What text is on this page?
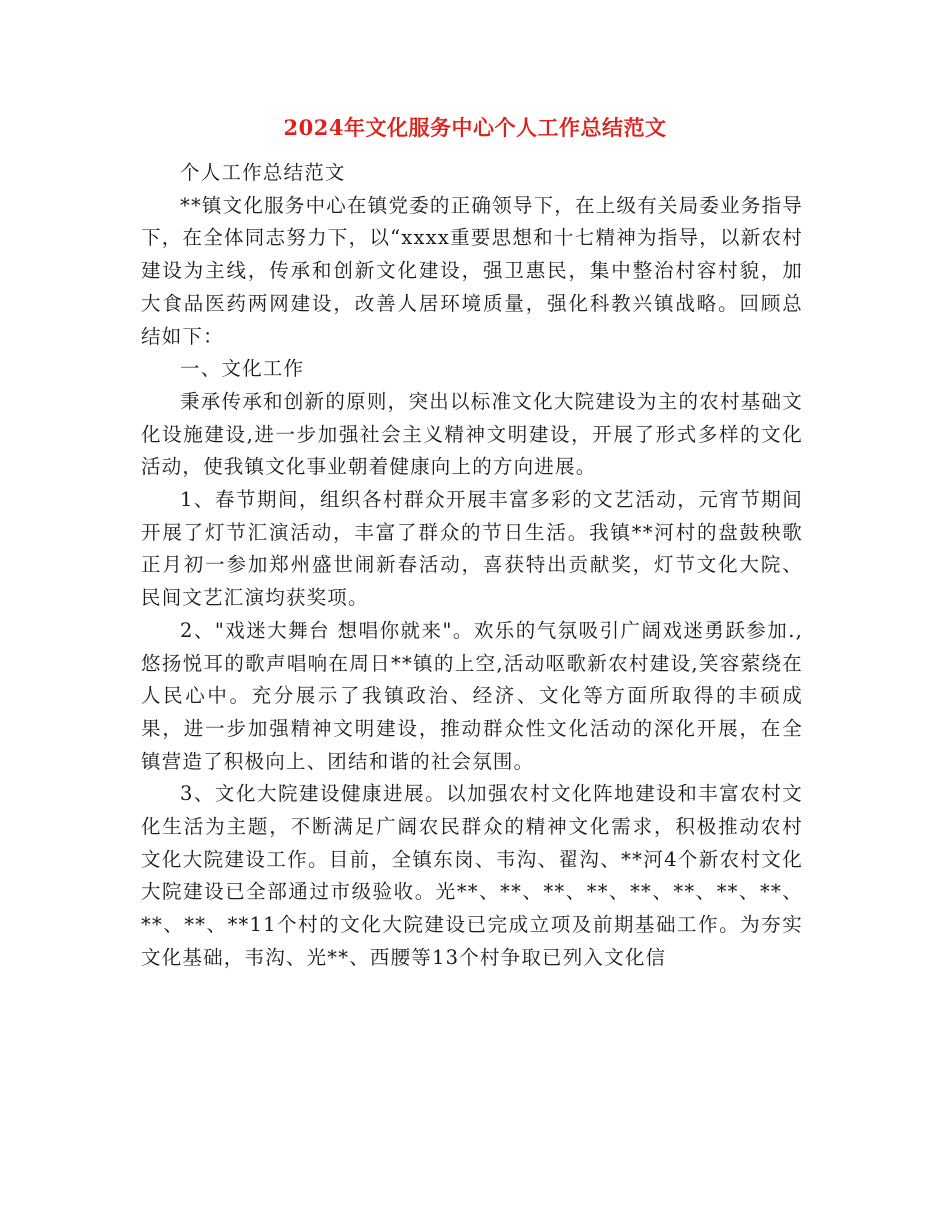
2024年文化服务中心个人工作总结范文

个人工作总结范文

**镇文化服务中心在镇党委的正确领导下，在上级有关局委业务指导下，在全体同志努力下，以“xxxx重要思想和十七精神为指导，以新农村建设为主线，传承和创新文化建设，强卫惠民，集中整治村容村貌，加大食品医药两网建设，改善人居环境质量，强化科教兴镇战略。回顾总结如下：

一、文化工作

秉承传承和创新的原则，突出以标准文化大院建设为主的农村基础文化设施建设,进一步加强社会主义精神文明建设，开展了形式多样的文化活动，使我镇文化事业朝着健康向上的方向进展。

1、春节期间，组织各村群众开展丰富多彩的文艺活动，元宵节期间开展了灯节汇演活动，丰富了群众的节日生活。我镇**河村的盘鼓秧歌正月初一参加郑州盛世闹新春活动，喜获特出贡献奖，灯节文化大院、民间文艺汇演均获奖项。

2、"戏迷大舞台 想唱你就来"。欢乐的气氛吸引广阔戏迷勇跃参加.,悠扬悦耳的歌声唱响在周日**镇的上空,活动呕歌新农村建设,笑容萦绕在人民心中。充分展示了我镇政治、经济、文化等方面所取得的丰硕成果，进一步加强精神文明建设，推动群众性文化活动的深化开展，在全镇营造了积极向上、团结和谐的社会氛围。

3、文化大院建设健康进展。以加强农村文化阵地建设和丰富农村文化生活为主题，不断满足广阔农民群众的精神文化需求，积极推动农村文化大院建设工作。目前，全镇东岗、韦沟、翟沟、**河4个新农村文化大院建设已全部通过市级验收。光**、**、**、**、**、**、**、**、**、**、**11个村的文化大院建设已完成立项及前期基础工作。为夯实文化基础，韦沟、光**、西腰等13个村争取已列入文化信
